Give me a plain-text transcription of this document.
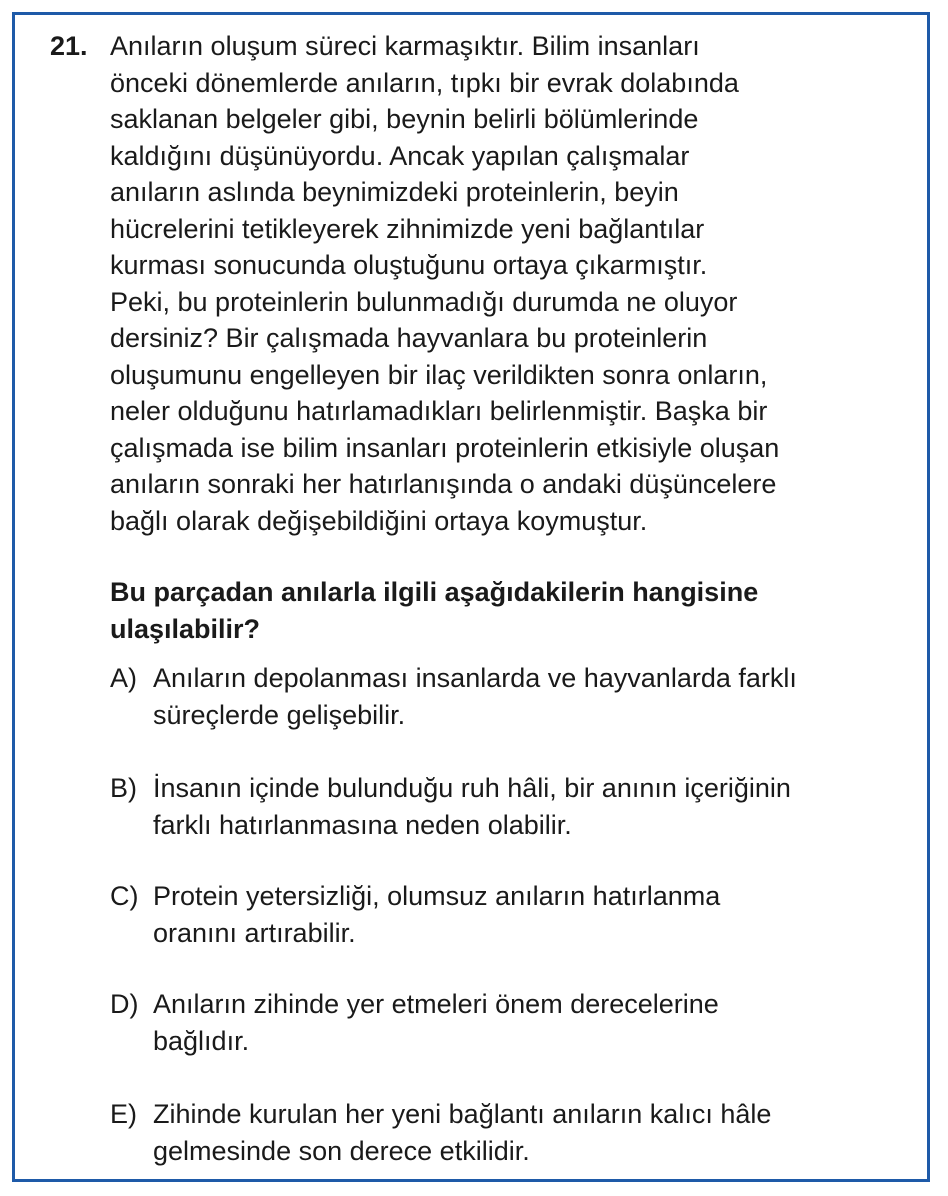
21. Anıların oluşum süreci karmaşıktır. Bilim insanları
önceki dönemlerde anıların, tıpkı bir evrak dolabında
saklanan belgeler gibi, beynin belirli bölümlerinde
kaldığını düşünüyordu. Ancak yapılan çalışmalar
anıların aslında beynimizdeki proteinlerin, beyin
hücrelerini tetikleyerek zihnimizde yeni bağlantılar
kurması sonucunda oluştuğunu ortaya çıkarmıştır.
Peki, bu proteinlerin bulunmadığı durumda ne oluyor
dersiniz? Bir çalışmada hayvanlara bu proteinlerin
oluşumunu engelleyen bir ilaç verildikten sonra onların,
neler olduğunu hatırlamadıkları belirlenmiştir. Başka bir
çalışmada ise bilim insanları proteinlerin etkisiyle oluşan
anıların sonraki her hatırlanışında o andaki düşüncelere
bağlı olarak değişebildiğini ortaya koymuştur.

Bu parçadan anılarla ilgili aşağıdakilerin hangisine
ulaşılabilir?

A) Anıların depolanması insanlarda ve hayvanlarda farklı
süreçlerde gelişebilir.
B) İnsanın içinde bulunduğu ruh hâli, bir anının içeriğinin
farklı hatırlanmasına neden olabilir.
C) Protein yetersizliği, olumsuz anıların hatırlanma
oranını artırabilir.
D) Anıların zihinde yer etmeleri önem derecelerine
bağlıdır.
E) Zihinde kurulan her yeni bağlantı anıların kalıcı hâle
gelmesinde son derece etkilidir.
